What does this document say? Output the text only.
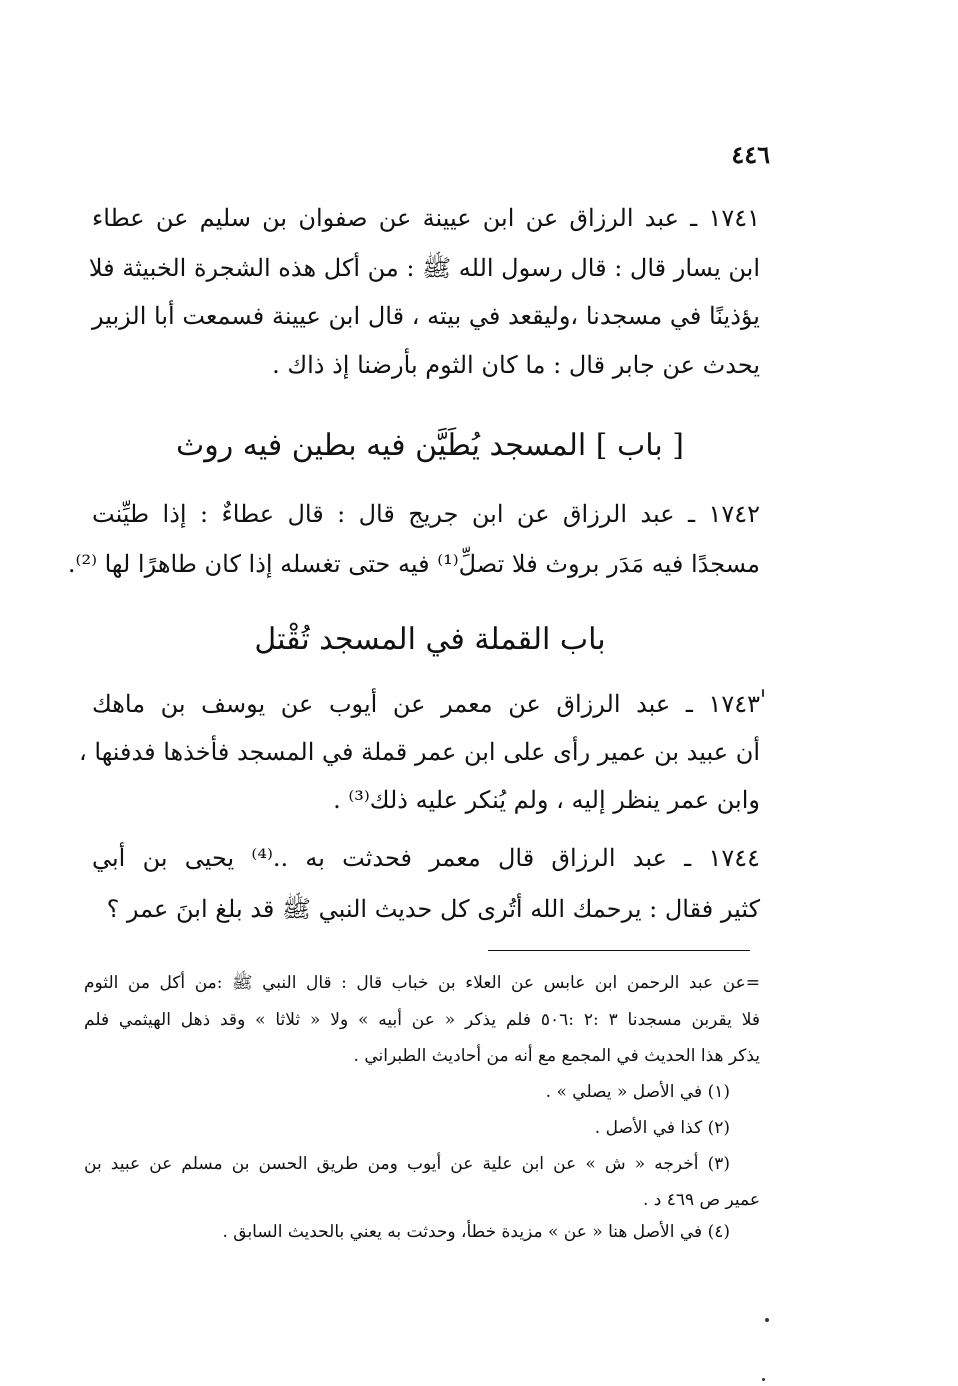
٤٤٦
١٧٤١ ـ عبد الرزاق عن ابن عيينة عن صفوان بن سليم عن عطاء
ابن يسار قال : قال رسول الله ﷺ : من أكل هذه الشجرة الخبيثة فلا
يؤذينًا في مسجدنا ،وليقعد في بيته ، قال ابن عيينة فسمعت أبا الزبير
يحدث عن جابر قال : ما كان الثوم بأرضنا إذ ذاك .
[ باب ] المسجد يُطَيَّن فيه بطين فيه روث
١٧٤٢ ـ عبد الرزاق عن ابن جريج قال : قال عطاءٌ : إذا طيِّنت
مسجدًا فيه مَدَر بروث فلا تصلِّ⁽¹⁾ فيه حتى تغسله إذا كان طاهرًا لها ⁽²⁾.
باب القملة في المسجد تُقْتل
١٧٤٣ ـ عبد الرزاق عن معمر عن أيوب عن يوسف بن ماهك
أن عبيد بن عمير رأى على ابن عمر قملة في المسجد فأخذها فدفنها ،
وابن عمر ينظر إليه ، ولم يُنكر عليه ذلك⁽³⁾ .
١٧٤٤ ـ عبد الرزاق قال معمر فحدثت به ..⁽⁴⁾ يحيى بن أبي
كثير فقال : يرحمك الله أتُرى كل حديث النبي ﷺ قد بلغ ابنَ عمر ؟
=عن عبد الرحمن ابن عابس عن العلاء بن خباب قال : قال النبي ﷺ :من أكل من الثوم
فلا يقربن مسجدنا ٣ :٢ :٥٠٦ فلم يذكر « عن أبيه » ولا « ثلاثا » وقد ذهل الهيثمي فلم
يذكر هذا الحديث في المجمع مع أنه من أحاديث الطبراني .
(١) في الأصل « يصلي » .
(٢) كذا في الأصل .
(٣) أخرجه « ش » عن ابن علية عن أيوب ومن طريق الحسن بن مسلم عن عبيد بن
عمير ص ٤٦٩ د .
(٤) في الأصل هنا « عن » مزيدة خطأ، وحدثت به يعني بالحديث السابق .
